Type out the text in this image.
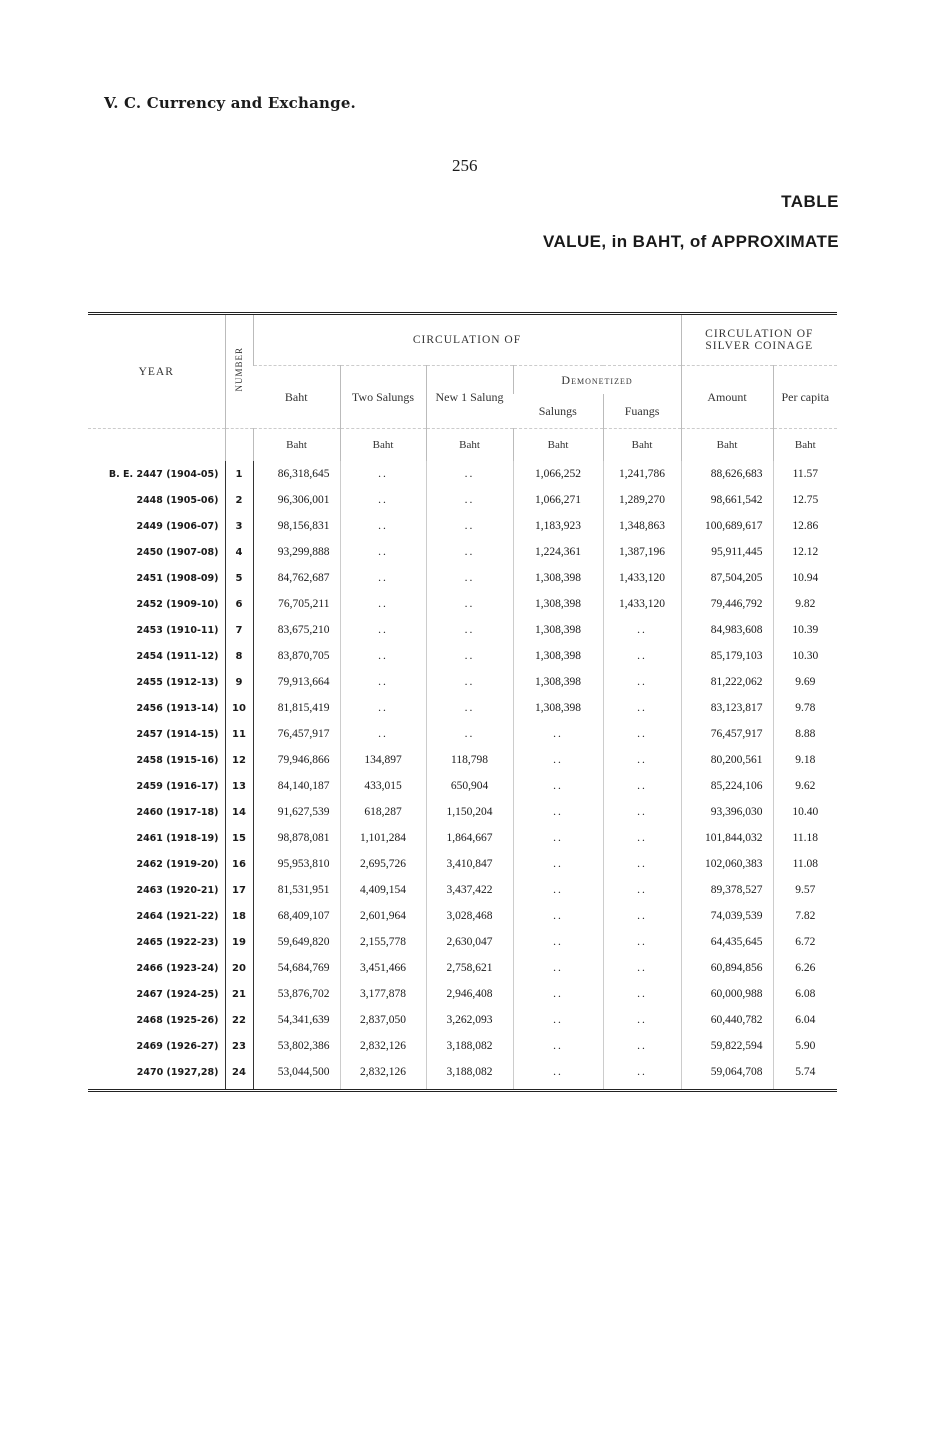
V. C. Currency and Exchange.
256
TABLE
VALUE, in BAHT, of APPROXIMATE
YEAR	NUMBER	CIRCULATION OF					CIRCULATION OF SILVER COINAGE	
		Baht	Two Salungs	New 1 Salung	Demonetized		Amount	Per capita
					Salungs	Fuangs		
		Baht	Baht	Baht	Baht	Baht	Baht	Baht
B. E. 2447 (1904-05)	1	86,318,645	..	..	1,066,252	1,241,786	88,626,683	11.57
2448 (1905-06)	2	96,306,001	..	..	1,066,271	1,289,270	98,661,542	12.75
2449 (1906-07)	3	98,156,831	..	..	1,183,923	1,348,863	100,689,617	12.86
2450 (1907-08)	4	93,299,888	..	..	1,224,361	1,387,196	95,911,445	12.12
2451 (1908-09)	5	84,762,687	..	..	1,308,398	1,433,120	87,504,205	10.94
2452 (1909-10)	6	76,705,211	..	..	1,308,398	1,433,120	79,446,792	9.82
2453 (1910-11)	7	83,675,210	..	..	1,308,398	..	84,983,608	10.39
2454 (1911-12)	8	83,870,705	..	..	1,308,398	..	85,179,103	10.30
2455 (1912-13)	9	79,913,664	..	..	1,308,398	..	81,222,062	9.69
2456 (1913-14)	10	81,815,419	..	..	1,308,398	..	83,123,817	9.78
2457 (1914-15)	11	76,457,917	..	..	..	..	76,457,917	8.88
2458 (1915-16)	12	79,946,866	134,897	118,798	..	..	80,200,561	9.18
2459 (1916-17)	13	84,140,187	433,015	650,904	..	..	85,224,106	9.62
2460 (1917-18)	14	91,627,539	618,287	1,150,204	..	..	93,396,030	10.40
2461 (1918-19)	15	98,878,081	1,101,284	1,864,667	..	..	101,844,032	11.18
2462 (1919-20)	16	95,953,810	2,695,726	3,410,847	..	..	102,060,383	11.08
2463 (1920-21)	17	81,531,951	4,409,154	3,437,422	..	..	89,378,527	9.57
2464 (1921-22)	18	68,409,107	2,601,964	3,028,468	..	..	74,039,539	7.82
2465 (1922-23)	19	59,649,820	2,155,778	2,630,047	..	..	64,435,645	6.72
2466 (1923-24)	20	54,684,769	3,451,466	2,758,621	..	..	60,894,856	6.26
2467 (1924-25)	21	53,876,702	3,177,878	2,946,408	..	..	60,000,988	6.08
2468 (1925-26)	22	54,341,639	2,837,050	3,262,093	..	..	60,440,782	6.04
2469 (1926-27)	23	53,802,386	2,832,126	3,188,082	..	..	59,822,594	5.90
2470 (1927,28)	24	53,044,500	2,832,126	3,188,082	..	..	59,064,708	5.74
